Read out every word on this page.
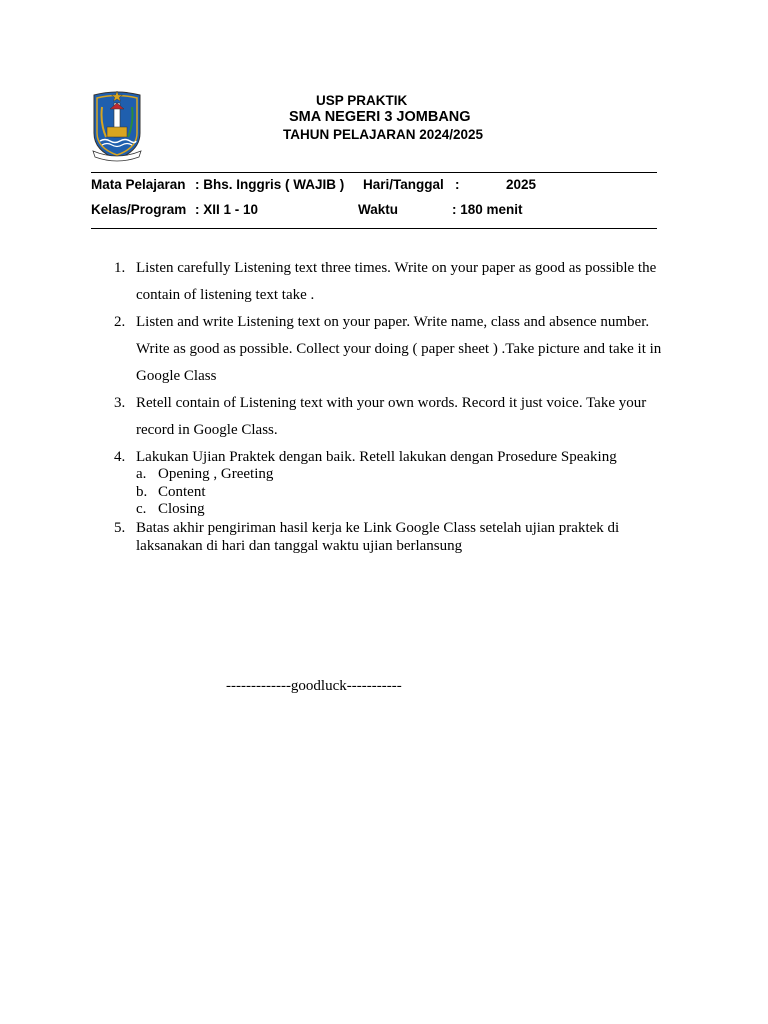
USP PRAKTIK
SMA NEGERI 3 JOMBANG
TAHUN PELAJARAN 2024/2025
Mata Pelajaran : Bhs. Inggris ( WAJIB ) Hari/Tanggal :	2025
Kelas/Program : XII 1 - 10	Waktu	: 180 menit
1. Listen carefully Listening text three times. Write on your paper as good as possible the contain of listening text take .
2. Listen and write Listening text on your paper. Write name, class and absence number. Write as good as possible. Collect your doing ( paper sheet ) .Take picture and take it in Google Class
3. Retell contain of Listening text with your own words. Record it just voice. Take your record in Google Class.
4. Lakukan Ujian Praktek dengan baik. Retell lakukan dengan Prosedure Speaking
a. Opening , Greeting
b. Content
c. Closing
5. Batas akhir pengiriman hasil kerja ke Link Google Class setelah ujian praktek di laksanakan di hari dan tanggal waktu ujian berlansung
-------------goodluck-----------
